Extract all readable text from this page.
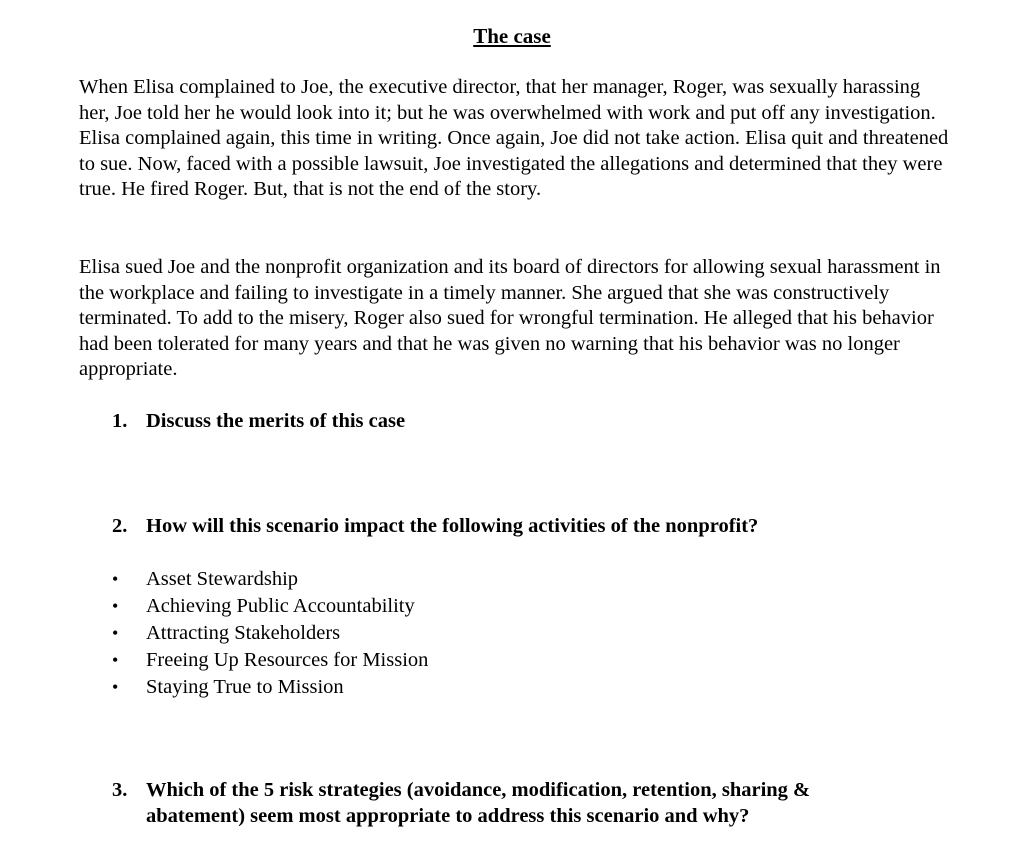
The case

When Elisa complained to Joe, the executive director, that her manager, Roger, was sexually harassing her, Joe told her he would look into it; but he was overwhelmed with work and put off any investigation. Elisa complained again, this time in writing. Once again, Joe did not take action. Elisa quit and threatened to sue. Now, faced with a possible lawsuit, Joe investigated the allegations and determined that they were true. He fired Roger. But, that is not the end of the story.

Elisa sued Joe and the nonprofit organization and its board of directors for allowing sexual harassment in the workplace and failing to investigate in a timely manner. She argued that she was constructively terminated. To add to the misery, Roger also sued for wrongful termination. He alleged that his behavior had been tolerated for many years and that he was given no warning that his behavior was no longer appropriate.

1. Discuss the merits of this case
2. How will this scenario impact the following activities of the nonprofit?
•	Asset Stewardship
•	Achieving Public Accountability
•	Attracting Stakeholders
•	Freeing Up Resources for Mission
•	Staying True to Mission
3. Which of the 5 risk strategies (avoidance, modification, retention, sharing & abatement) seem most appropriate to address this scenario and why?
